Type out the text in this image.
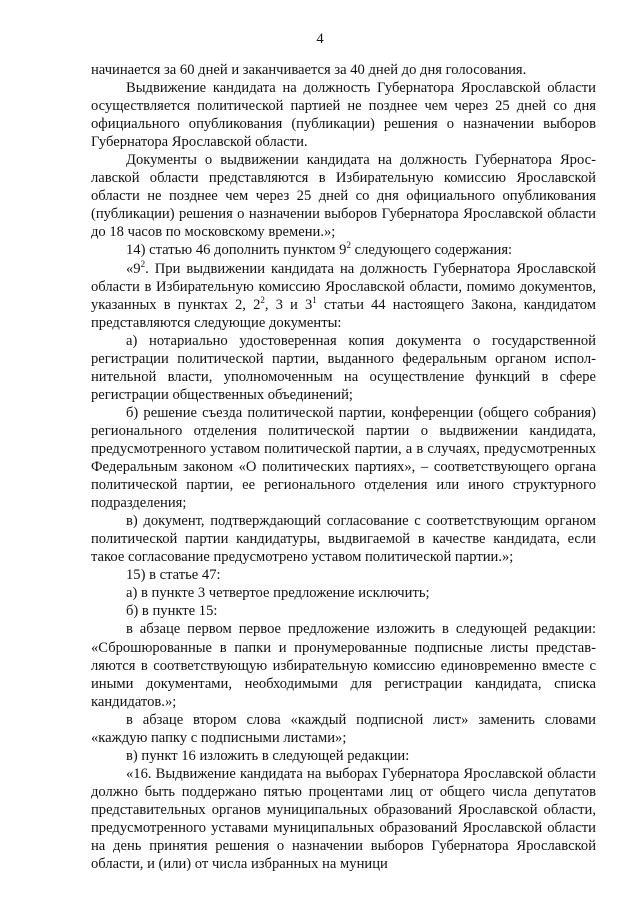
4

начинается за 60 дней и заканчивается за 40 дней до дня голосования.

Выдвижение кандидата на должность Губернатора Ярославской области осуществляется политической партией не позднее чем через 25 дней со дня официального опубликования (публикации) решения о назначении выборов Губернатора Ярославской области.

Документы о выдвижении кандидата на должность Губернатора Ярославской области представляются в Избирательную комиссию Ярославской области не позднее чем через 25 дней со дня официального опубликования (публикации) решения о назначении выборов Губернатора Ярославской области до 18 часов по московскому времени.»;

14) статью 46 дополнить пунктом $9^2$ следующего содержания:

«$9^2$. При выдвижении кандидата на должность Губернатора Ярославской области в Избирательную комиссию Ярославской области, помимо документов, указанных в пунктах 2, $2^2$, 3 и $3^1$ статьи 44 настоящего Закона, кандидатом представляются следующие документы:

а) нотариально удостоверенная копия документа о государственной регистрации политической партии, выданного федеральным органом исполнительной власти, уполномоченным на осуществление функций в сфере регистрации общественных объединений;

б) решение съезда политической партии, конференции (общего собрания) регионального отделения политической партии о выдвижении кандидата, предусмотренного уставом политической партии, а в случаях, предусмотренных Федеральным законом «О политических партиях», – соответствующего органа политической партии, ее регионального отделения или иного структурного подразделения;

в) документ, подтверждающий согласование с соответствующим органом политической партии кандидатуры, выдвигаемой в качестве кандидата, если такое согласование предусмотрено уставом политической партии.»;

15) в статье 47:

а) в пункте 3 четвертое предложение исключить;

б) в пункте 15:

в абзаце первом первое предложение изложить в следующей редакции: «Сброшюрованные в папки и пронумерованные подписные листы представляются в соответствующую избирательную комиссию единовременно вместе с иными документами, необходимыми для регистрации кандидата, списка кандидатов.»;

в абзаце втором слова «каждый подписной лист» заменить словами «каждую папку с подписными листами»;

в) пункт 16 изложить в следующей редакции:

«16. Выдвижение кандидата на выборах Губернатора Ярославской области должно быть поддержано пятью процентами лиц от общего числа депутатов представительных органов муниципальных образований Ярославской области, предусмотренного уставами муниципальных образований Ярославской области на день принятия решения о назначении выборов Губернатора Ярославской области, и (или) от числа избранных на муници
